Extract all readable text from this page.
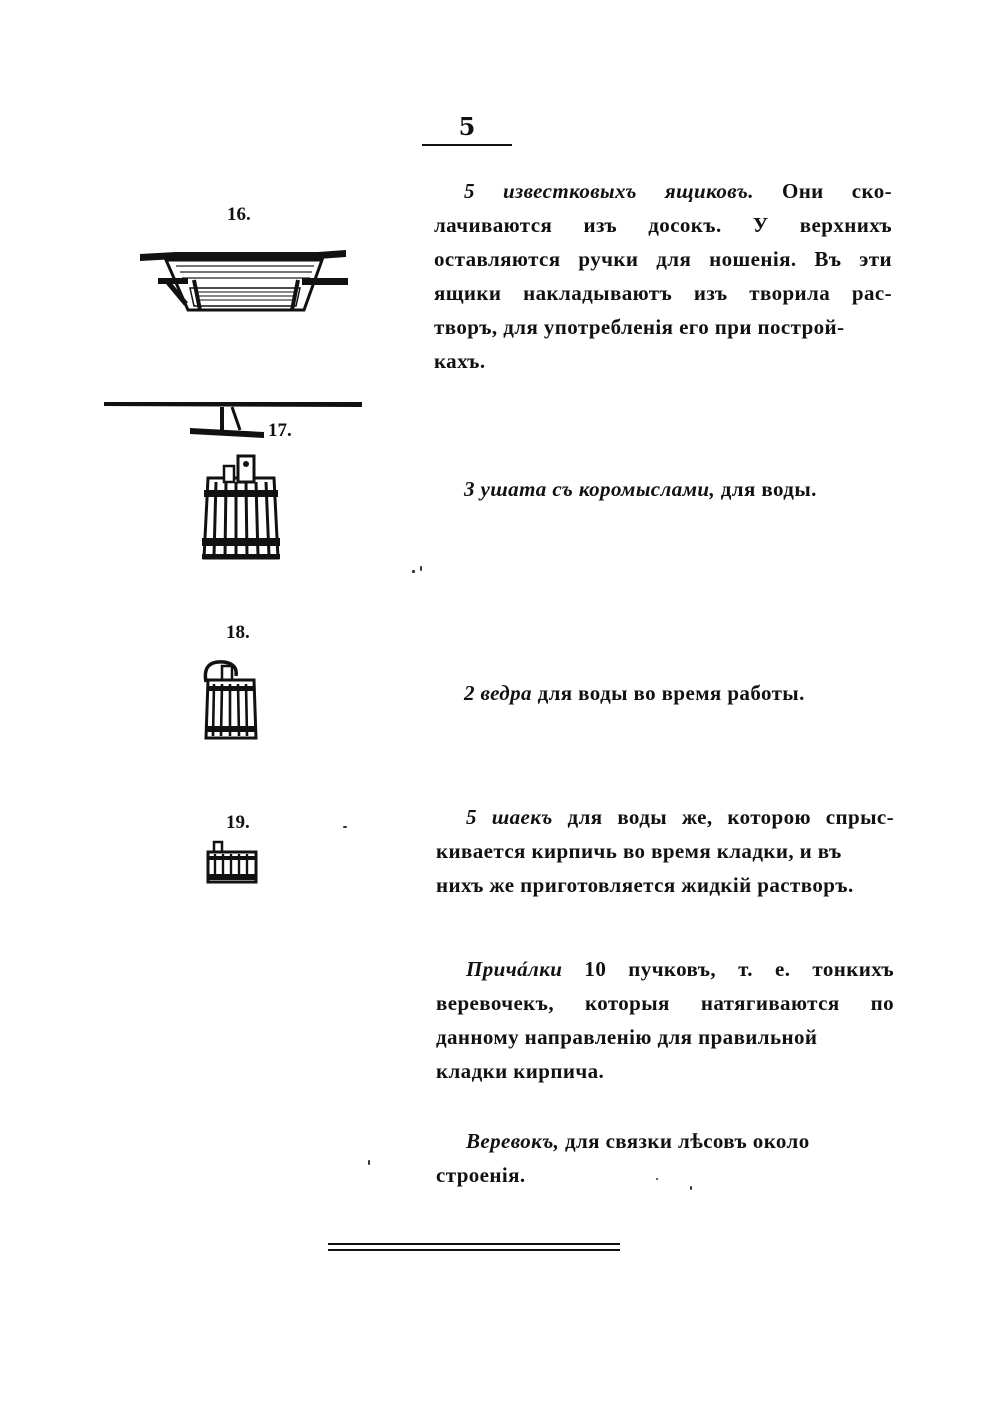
5
16.
17.
18.
19.
5 известковыхъ ящиковъ. Они ско- лачиваются изъ досокъ. У верхнихъ оставляются ручки для ношенія. Въ эти ящики накладываютъ изъ творила рас- творъ, для употребленія его при построй-
кахъ.
3 ушата съ коромыслами, для воды.
2 ведра для воды во время работы.
5 шаекъ для воды же, которою спрыс- кивается кирпичь во время кладки, и въ
нихъ же приготовляется жидкій растворъ.
Причáлки 10 пучковъ, т. е. тонкихъ веревочекъ, которыя натягиваются по данному направленію для правильной
кладки кирпича.
Веревокъ, для связки лѣсовъ около
строенія.
